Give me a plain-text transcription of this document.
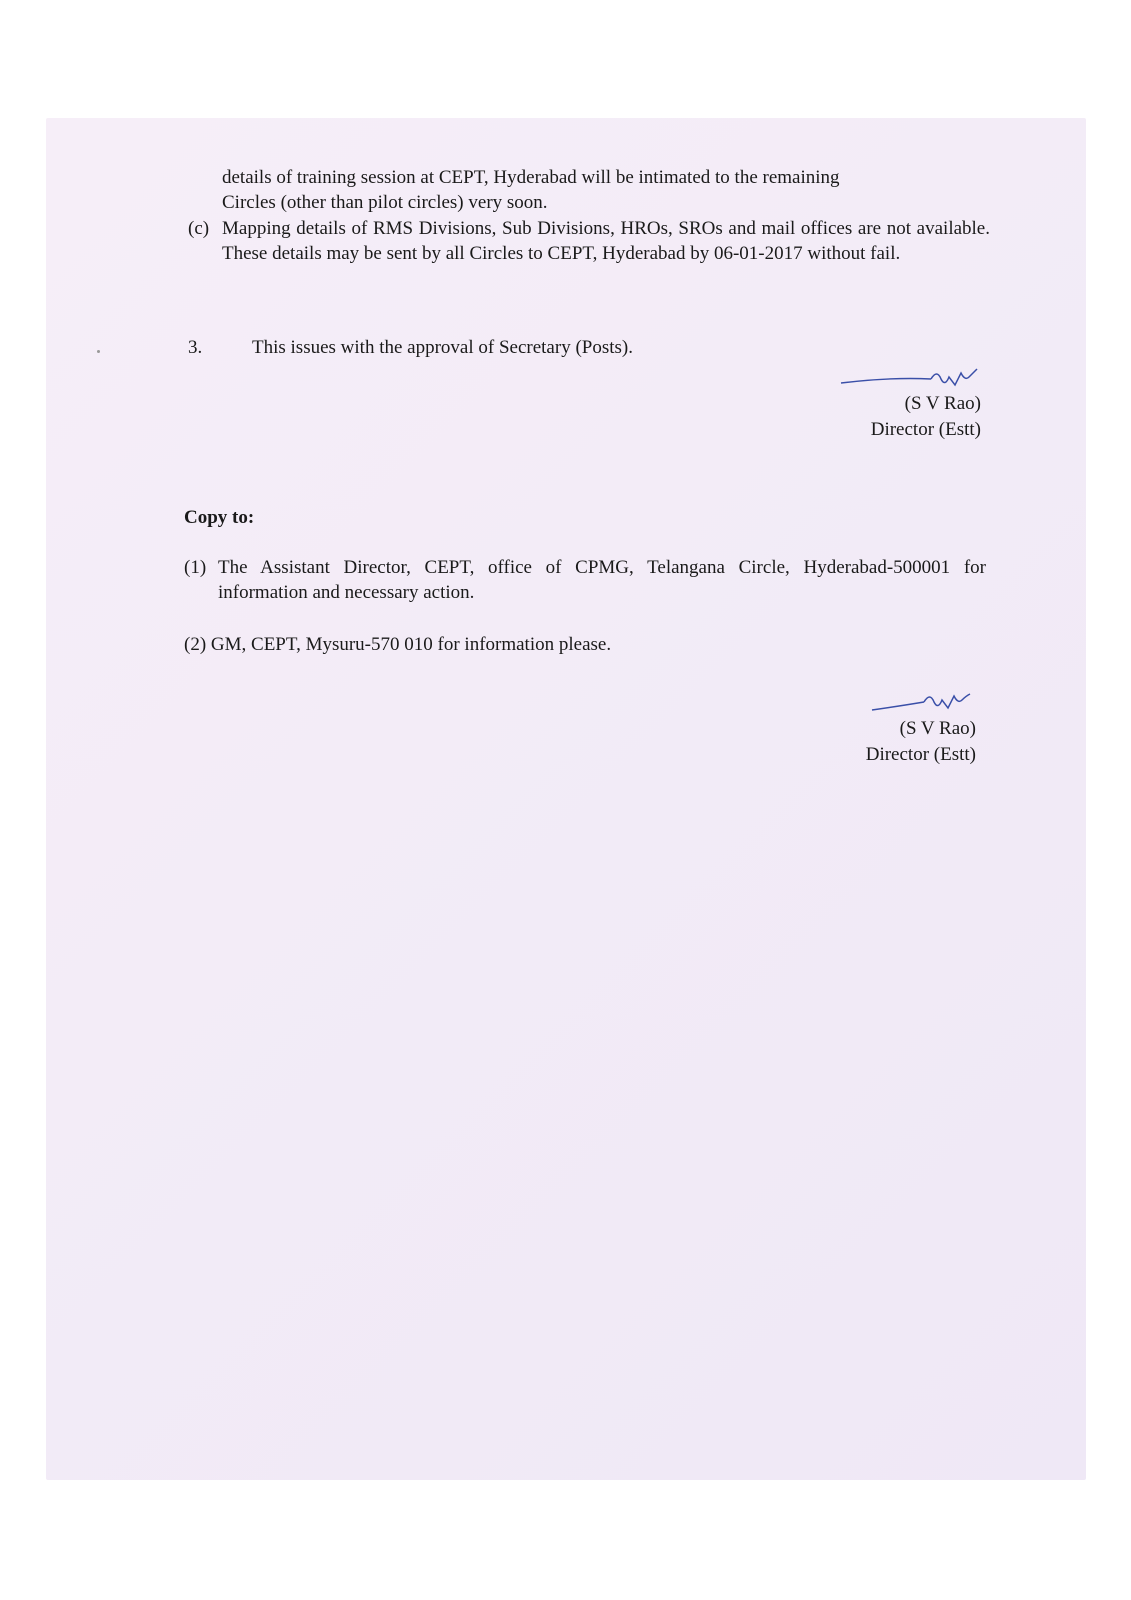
details of training session at CEPT, Hyderabad will be intimated to the remaining
Circles (other than pilot circles) very soon.
(c) Mapping details of RMS Divisions, Sub Divisions, HROs, SROs and mail offices are not available. These details may be sent by all Circles to CEPT, Hyderabad by 06-01-2017 without fail.
3.	This issues with the approval of Secretary (Posts).
(S V Rao)
Director (Estt)
Copy to:
(1) The Assistant Director, CEPT, office of CPMG, Telangana Circle, Hyderabad-500001 for information and necessary action.
(2) GM, CEPT, Mysuru-570 010 for information please.
(S V Rao)
Director (Estt)
